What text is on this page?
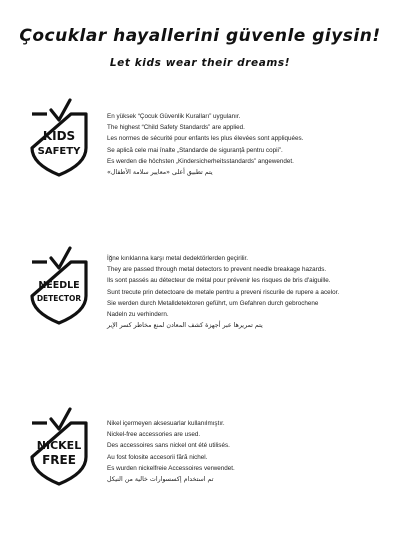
Çocuklar hayallerini güvenle giysin!
Let kids wear their dreams!
KIDS
SAFETY
En yüksek “Çocuk Güvenlik Kuralları” uygulanır.
The highest “Child Safety Standards” are applied.
Les normes de sécurité pour enfants les plus élevées sont appliquées.
Se aplică cele mai înalte „Standarde de siguranță pentru copii”.
Es werden die höchsten „Kindersicherheitsstandards” angewendet.
يتم تطبيق أعلى «معايير سلامة الأطفال»
NEEDLE
DETECTOR
İğne kırıklarına karşı metal dedektörlerden geçirilir.
They are passed through metal detectors to prevent needle breakage hazards.
Ils sont passés au détecteur de métal pour prévenir les risques de bris d'aiguille.
Sunt trecute prin detectoare de metale pentru a preveni riscurile de rupere a acelor.
Sie werden durch Metalldetektoren geführt, um Gefahren durch gebrochene Nadeln zu verhindern.
يتم تمريرها عبر أجهزة كشف المعادن لمنع مخاطر كسر الإبر
NICKEL
FREE
Nikel içermeyen aksesuarlar kullanılmıştır.
Nickel-free accessories are used.
Des accessoires sans nickel ont été utilisés.
Au fost folosite accesorii fără nichel.
Es wurden nickelfreie Accessoires verwendet.
تم استخدام إكسسوارات خالية من النيكل
